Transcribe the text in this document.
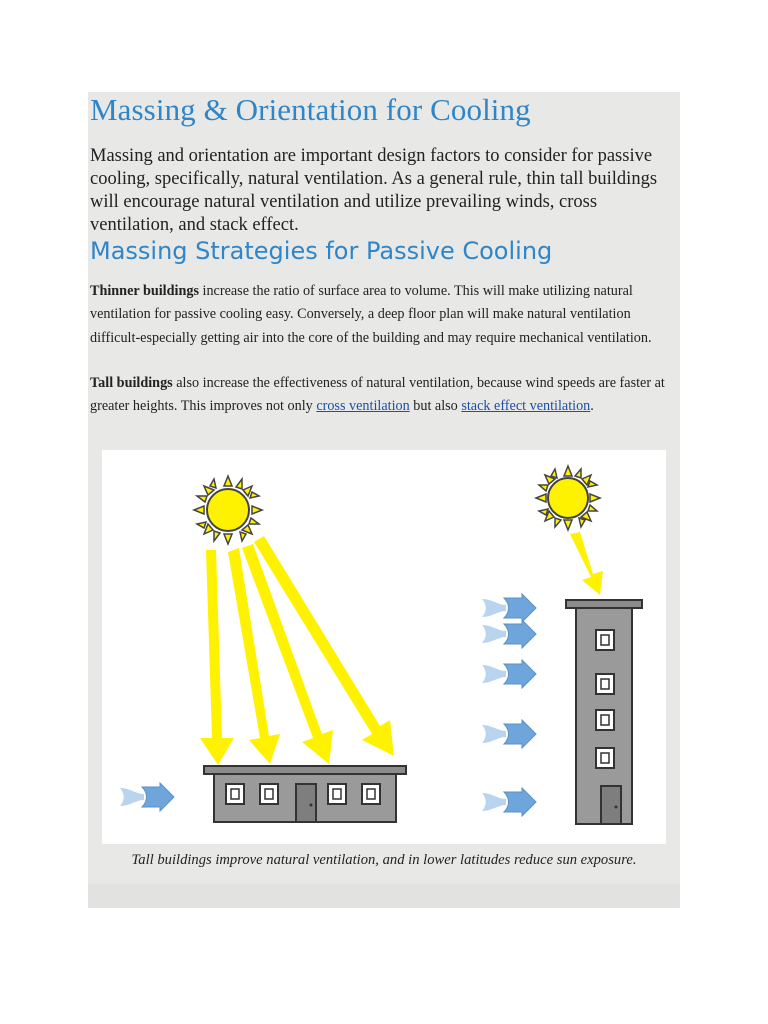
Massing & Orientation for Cooling

Massing and orientation are important design factors to consider for passive cooling, specifically, natural ventilation. As a general rule, thin tall buildings will encourage natural ventilation and utilize prevailing winds, cross ventilation, and stack effect.

Massing Strategies for Passive Cooling

Thinner buildings increase the ratio of surface area to volume. This will make utilizing natural ventilation for passive cooling easy. Conversely, a deep floor plan will make natural ventilation difficult-especially getting air into the core of the building and may require mechanical ventilation.

Tall buildings also increase the effectiveness of natural ventilation, because wind speeds are faster at greater heights. This improves not only cross ventilation but also stack effect ventilation.

Tall buildings improve natural ventilation, and in lower latitudes reduce sun exposure.
